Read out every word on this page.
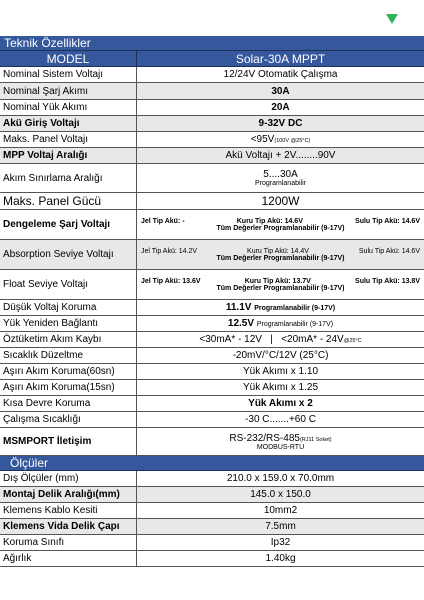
Teknik Özellikler
MODEL	Solar-30A MPPT
Nominal Sistem Voltajı	12/24V Otomatik Çalışma
Nominal Şarj Akımı	30A
Nominal Yük Akımı	20A
Akü Giriş Voltajı	9-32V DC
Maks. Panel Voltajı	<95V(100V @25°C)
MPP Voltaj Aralığı	Akü Voltajı + 2V........90V
Akım Sınırlama Aralığı	5....30A
Programlanabilir
Maks. Panel Gücü	1200W
Dengeleme Şarj Voltajı	Jel Tip Akü: -	Kuru Tip Akü: 14.6V	Sulu Tip Akü: 14.6V
Tüm Değerler Programlanabilir (9-17V)
Absorption Seviye Voltajı	Jel Tip Akü: 14.2V	Kuru Tip Akü: 14.4V	Sulu Tip Akü: 14.6V
Tüm Değerler Programlanabilir (9-17V)
Float Seviye Voltajı	Jel Tip Akü: 13.6V	Kuru Tip Akü: 13.7V	Sulu Tip Akü: 13.8V
Tüm Değerler Programlanabilir (9-17V)
Düşük Voltaj Koruma	11.1V Programlanabilir (9-17V)
Yük Yeniden Bağlantı	12.5V Programlanabilir (9-17V)
Öztüketim Akım Kaybı	<30mA* - 12V   |   <20mA* - 24V@25°C
Sıcaklık Düzeltme	-20mV/°C/12V (25°C)
Aşırı Akım Koruma(60sn)	Yük Akımı x 1.10
Aşırı Akım Koruma(15sn)	Yük Akımı x 1.25
Kısa Devre Koruma	Yük Akımı x 2
Çalışma Sıcaklığı	-30 C.......+60 C
MSMPORT İletişim	RS-232/RS-485(RJ11 Soket)
MODBUS-RTU
Ölçüler
Dış Ölçüler (mm)	210.0 x 159.0 x 70.0mm
Montaj Delik Aralığı(mm)	145.0 x 150.0
Klemens Kablo Kesiti	10mm2
Klemens Vida Delik Çapı	7.5mm
Koruma Sınıfı	Ip32
Ağırlık	1.40kg
